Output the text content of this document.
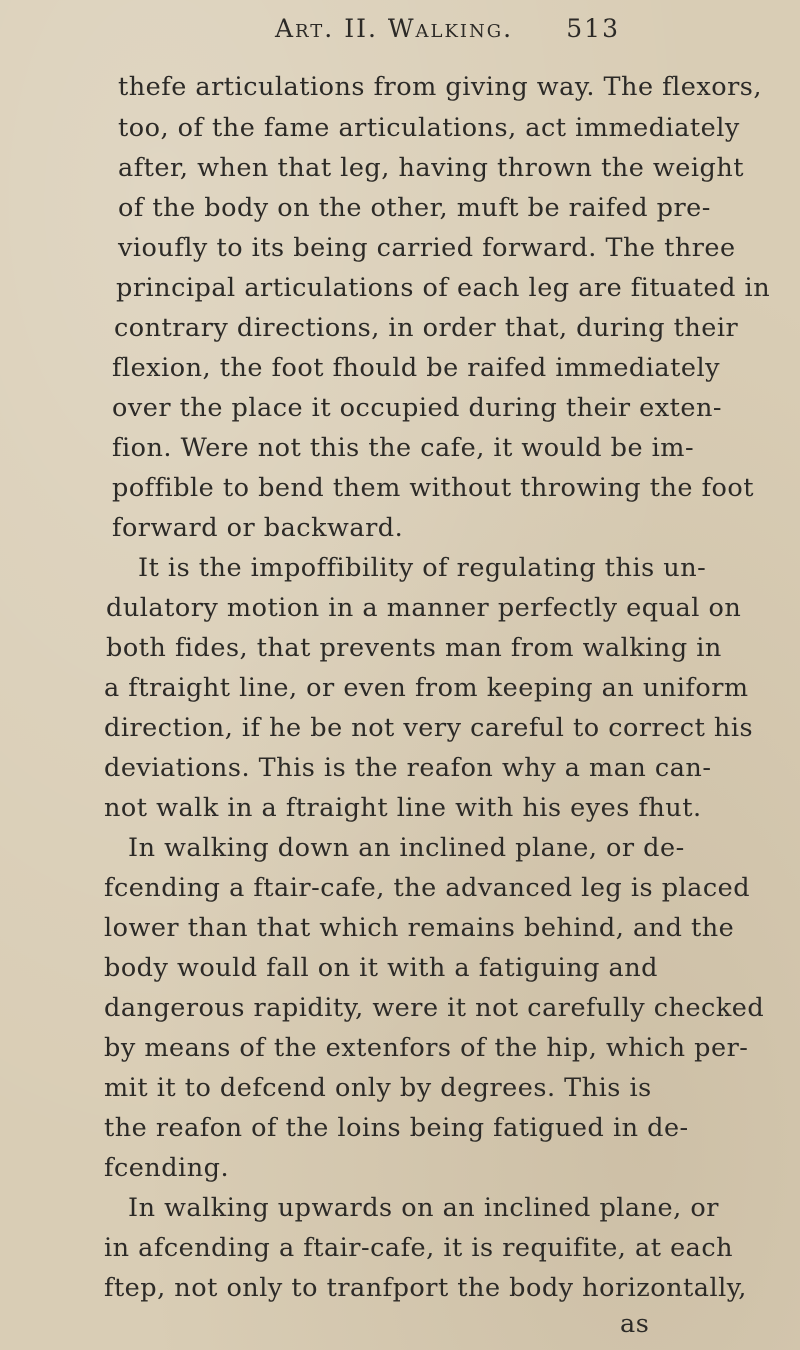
Art. II. Walking. 513
thefe articulations from giving way. The flexors,
too, of the fame articulations, act immediately
after, when that leg, having thrown the weight
of the body on the other, muft be raifed pre-
vioufly to its being carried forward. The three
principal articulations of each leg are fituated in
contrary directions, in order that, during their
flexion, the foot fhould be raifed immediately
over the place it occupied during their exten-
fion. Were not this the cafe, it would be im-
poffible to bend them without throwing the foot
forward or backward.
It is the impoffibility of regulating this un-
dulatory motion in a manner perfectly equal on
both fides, that prevents man from walking in
a ftraight line, or even from keeping an uniform
direction, if he be not very careful to correct his
deviations. This is the reafon why a man can-
not walk in a ftraight line with his eyes fhut.
In walking down an inclined plane, or de-
fcending a ftair-cafe, the advanced leg is placed
lower than that which remains behind, and the
body would fall on it with a fatiguing and
dangerous rapidity, were it not carefully checked
by means of the extenfors of the hip, which per-
mit it to defcend only by degrees. This is
the reafon of the loins being fatigued in de-
fcending.
In walking upwards on an inclined plane, or
in afcending a ftair-cafe, it is requifite, at each
ftep, not only to tranfport the body horizontally,
as
